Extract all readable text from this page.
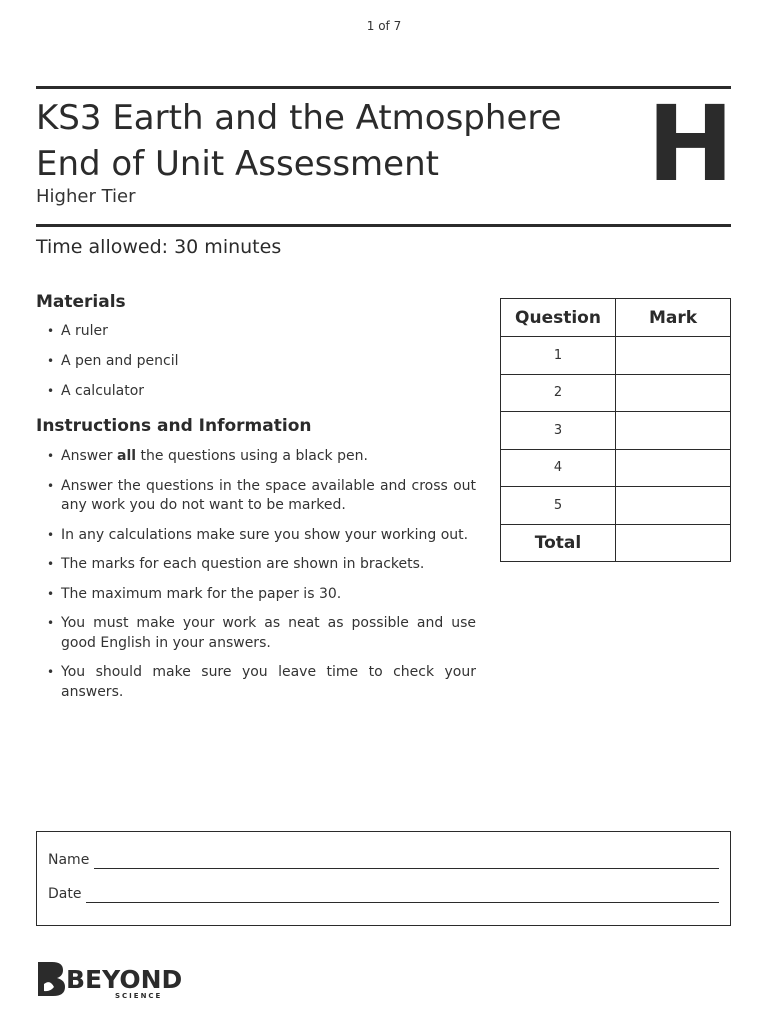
1 of 7
KS3 Earth and the Atmosphere
End of Unit Assessment
Higher Tier	H
Time allowed: 30 minutes
Materials
• A ruler
• A pen and pencil
• A calculator
Instructions and Information
• Answer all the questions using a black pen.
• Answer the questions in the space available and cross out any work you do not want to be marked.
• In any calculations make sure you show your working out.
• The marks for each question are shown in brackets.
• The maximum mark for the paper is 30.
• You must make your work as neat as possible and use good English in your answers.
• You should make sure you leave time to check your answers.
Question	Mark
1	
2	
3	
4	
5	
Total	
Name
Date
BEYOND
SCIENCE
